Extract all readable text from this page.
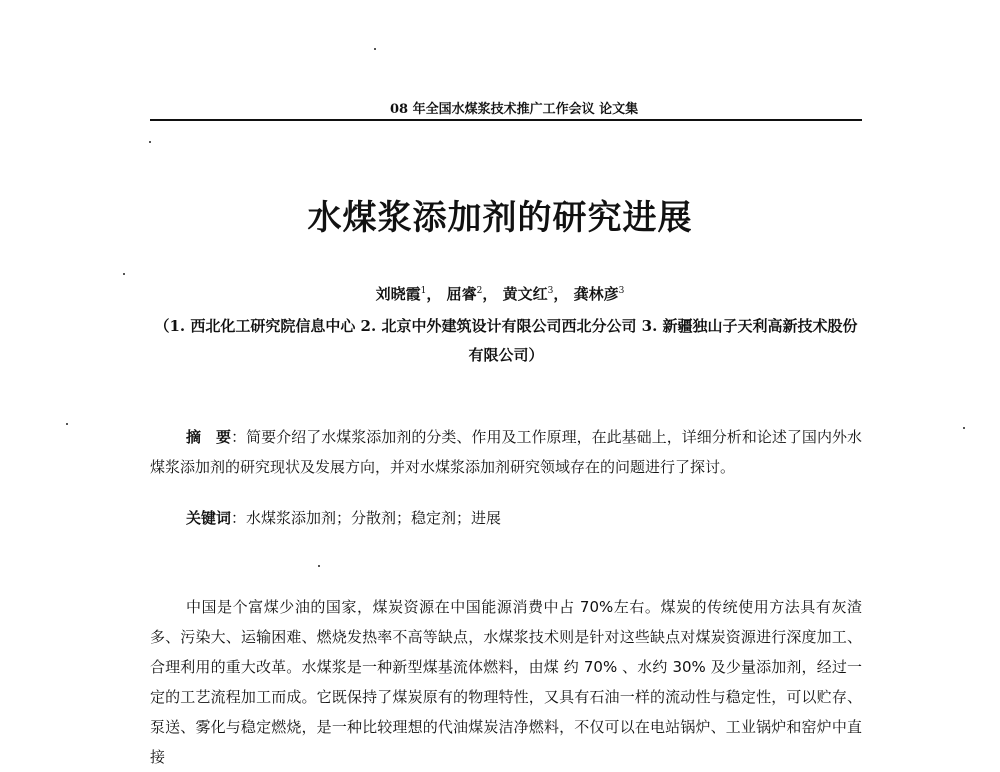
08 年全国水煤浆技术推广工作会议 论文集
水煤浆添加剂的研究进展
刘晓霞$^1$， 屈睿$^2$， 黄文红$^3$， 龚林彦$^3$
（1. 西北化工研究院信息中心 2. 北京中外建筑设计有限公司西北分公司 3. 新疆独山子天利高新技术股份有限公司）
摘　要：简要介绍了水煤浆添加剂的分类、作用及工作原理，在此基础上，详细分析和论述了国内外水煤浆添加剂的研究现状及发展方向，并对水煤浆添加剂研究领域存在的问题进行了探讨。
关键词：水煤浆添加剂；分散剂；稳定剂；进展
中国是个富煤少油的国家，煤炭资源在中国能源消费中占 70%左右。煤炭的传统使用方法具有灰渣多、污染大、运输困难、燃烧发热率不高等缺点，水煤浆技术则是针对这些缺点对煤炭资源进行深度加工、合理利用的重大改革。水煤浆是一种新型煤基流体燃料，由煤 约 70% 、水约 30% 及少量添加剂，经过一定的工艺流程加工而成。它既保持了煤炭原有的物理特性，又具有石油一样的流动性与稳定性，可以贮存、泵送、雾化与稳定燃烧，是一种比较理想的代油煤炭洁净燃料，不仅可以在电站锅炉、工业锅炉和窑炉中直接
